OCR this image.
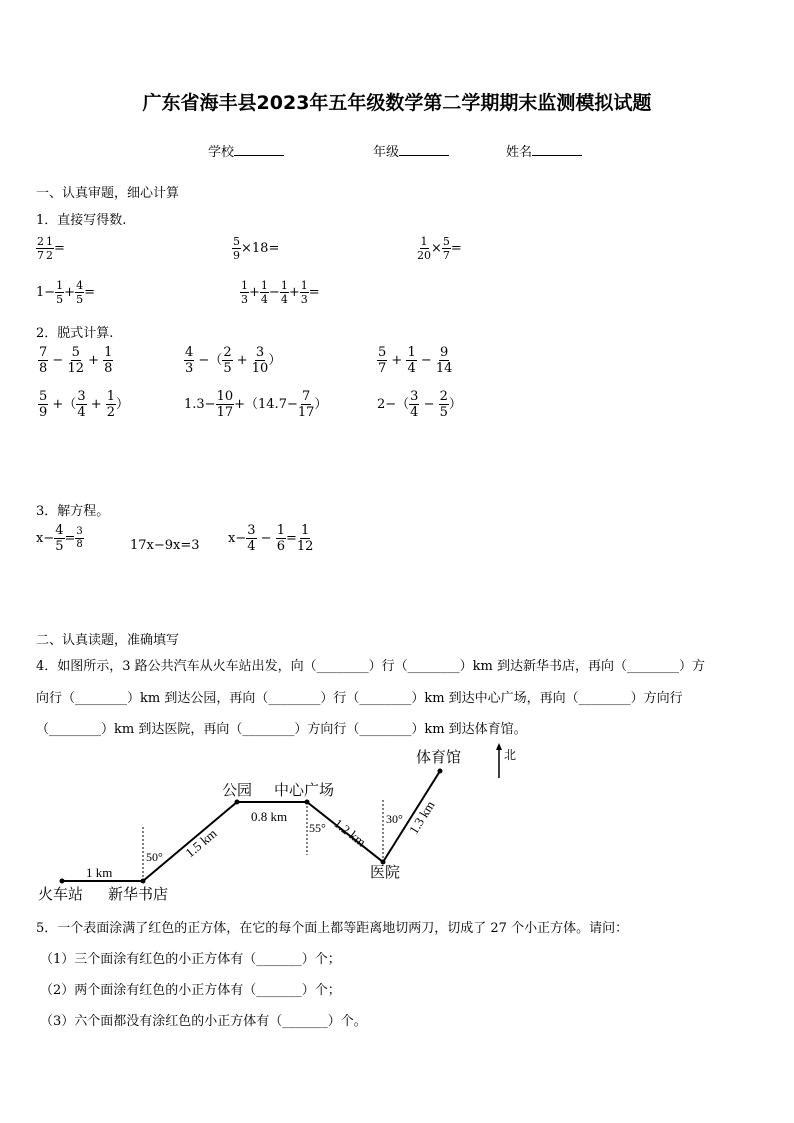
广东省海丰县2023年五年级数学第二学期期末监测模拟试题
学校	年级	姓名
一、认真审题，细心计算
1．直接写得数.
$\frac{2}{7} \frac{1}{2}$ =	$\frac{5}{9} \times 18=$	$\frac{1}{20} \times \frac{5}{7}$ =
$1- \frac{1}{5} + \frac{4}{5}$ =	$\frac{1}{3} + \frac{1}{4} - \frac{1}{4} + \frac{1}{3}$ =
2．脱式计算.
$\frac{7}{8} - \frac{5}{12} + \frac{1}{8}$	$\frac{4}{3}$ −（ $\frac{2}{5} + \frac{3}{10}$ ）	$\frac{5}{7} + \frac{1}{4} - \frac{9}{14}$
$\frac{5}{9}$ +（ $\frac{3}{4} + \frac{1}{2}$ ）	$1.3- \frac{10}{17} +(14.7- \frac{7}{17}$ ）	$2-( \frac{3}{4} - \frac{2}{5}$ ）
3．解方程。
$x- \frac{4}{5} = \frac{3}{8}$	17x−9x=3 $x- \frac{3}{4} - \frac{1}{6} = \frac{1}{12}$
二、认真读题，准确填写
4．如图所示，3 路公共汽车从火车站出发，向（________）行（________）km 到达新华书店，再向（________）方
向行（________）km 到达公园，再向（________）行（________）km 到达中心广场，再向（________）方向行
（________）km 到达医院，再向（________）方向行（________）km 到达体育馆。
北
火车站 新华书店
公园 中心广场
医院
体育馆
1 km
1.5 km
0.8 km	1.2 km	1.3 km
50°
55°
30°
5．一个表面涂满了红色的正方体，在它的每个面上都等距离地切两刀，切成了 27 个小正方体。请问：
（1）三个面涂有红色的小正方体有（_______）个；
（2）两个面涂有红色的小正方体有（_______）个；
（3）六个面都没有涂红色的小正方体有（_______）个。
